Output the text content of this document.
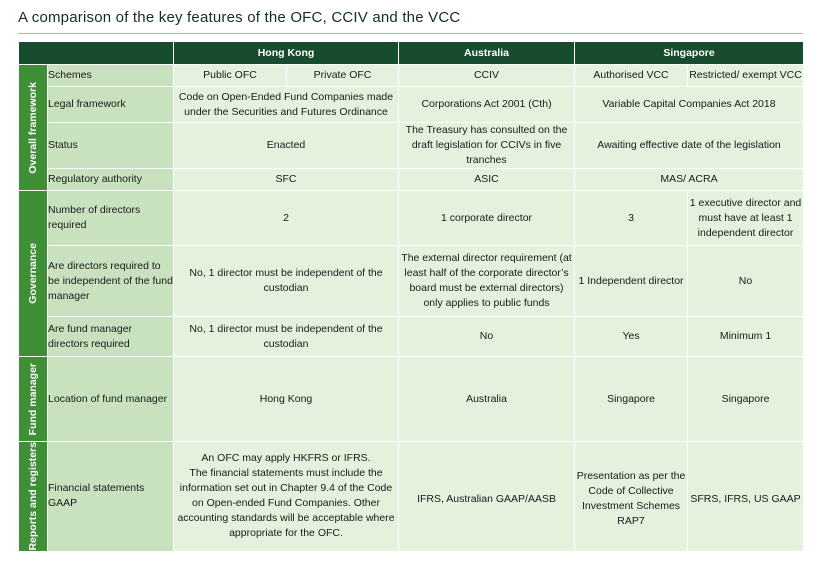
A comparison of the key features of the OFC, CCIV and the VCC
		Hong Kong		Australia	Singapore	

Overall framework	Schemes	Public OFC	Private OFC	CCIV	Authorised VCC	Restricted/ exempt VCC
	Legal framework	Code on Open-Ended Fund Companies made under the Securities and Futures Ordinance		Corporations Act 2001 (Cth)	Variable Capital Companies Act 2018	
	Status	Enacted		The Treasury has consulted on the draft legislation for CCIVs in five tranches	Awaiting effective date of the legislation	
	Regulatory authority	SFC		ASIC	MAS/ ACRA	

Governance	Number of directors required	2		1 corporate director	3	1 executive director and must have at least 1 independent director
	Are directors required to be independent of the fund manager	No, 1 director must be independent of the custodian		The external director requirement (at least half of the corporate director’s board must be external directors) only applies to public funds	1 Independent director	No
	Are fund manager directors required	No, 1 director must be independent of the custodian		No	Yes	Minimum 1

Fund manager	Location of fund manager	Hong Kong		Australia	Singapore	Singapore

Reports and registers	Financial statements GAAP	An OFC may apply HKFRS or IFRS.
The financial statements must include the information set out in Chapter 9.4 of the Code on Open-ended Fund Companies. Other accounting standards will be acceptable where appropriate for the OFC.		IFRS, Australian GAAP/AASB	Presentation as per the Code of Collective Investment Schemes RAP7	SFRS, IFRS, US GAAP
